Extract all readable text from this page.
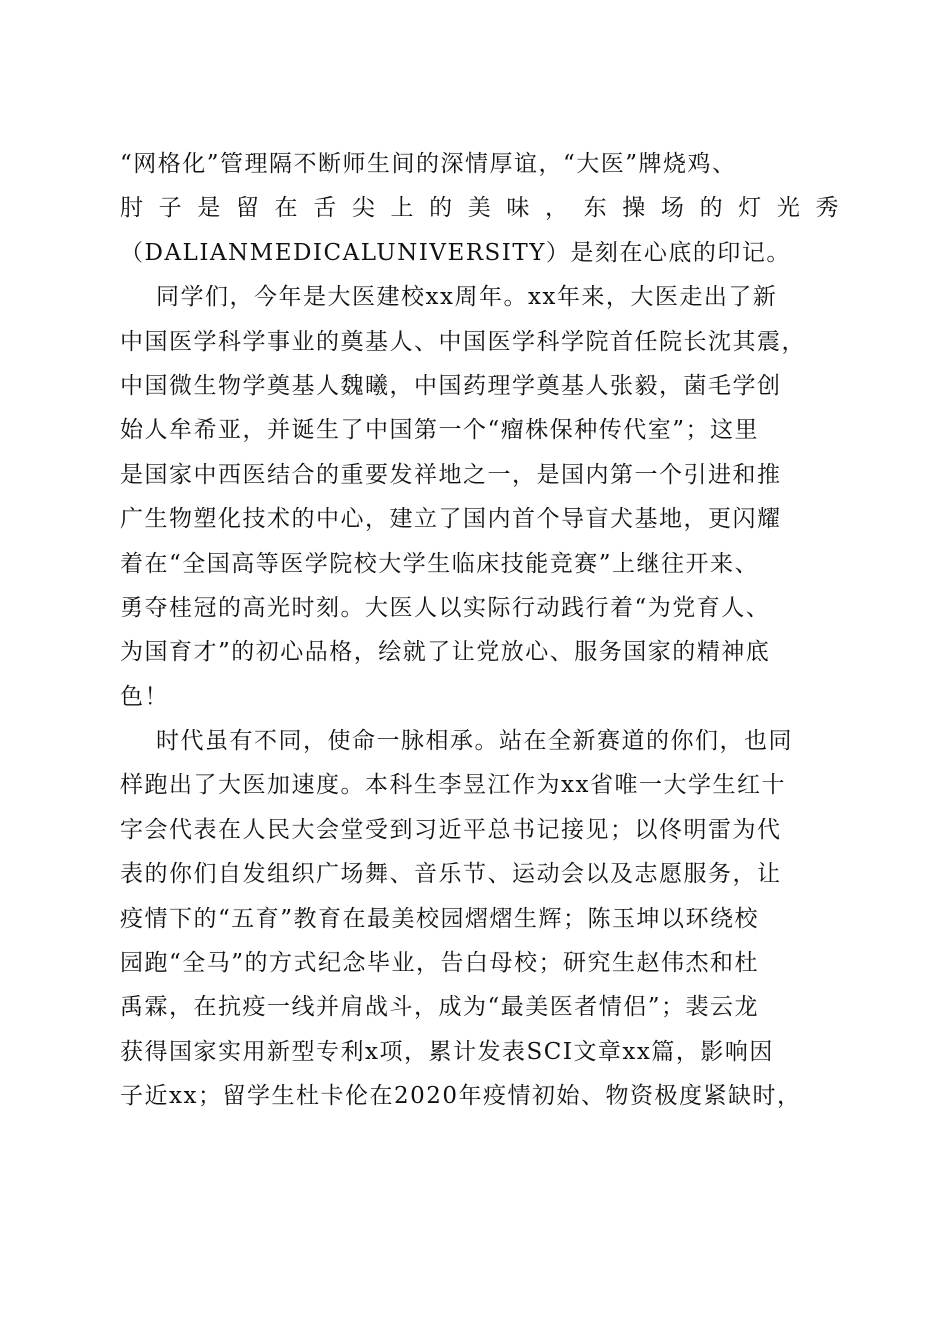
“网格化”管理隔不断师生间的深情厚谊，“大医”牌烧鸡、
肘 子 是 留 在 舌 尖 上 的 美 味 ， 东 操 场 的 灯 光 秀
（DALIANMEDICALUNIVERSITY）是刻在心底的印记。
同学们，今年是大医建校xx周年。xx年来，大医走出了新
中国医学科学事业的奠基人、中国医学科学院首任院长沈其震，
中国微生物学奠基人魏曦，中国药理学奠基人张毅，菌毛学创
始人牟希亚，并诞生了中国第一个“瘤株保种传代室”；这里
是国家中西医结合的重要发祥地之一，是国内第一个引进和推
广生物塑化技术的中心，建立了国内首个导盲犬基地，更闪耀
着在“全国高等医学院校大学生临床技能竞赛”上继往开来、
勇夺桂冠的高光时刻。大医人以实际行动践行着“为党育人、
为国育才”的初心品格，绘就了让党放心、服务国家的精神底
色！
时代虽有不同，使命一脉相承。站在全新赛道的你们，也同
样跑出了大医加速度。本科生李昱江作为xx省唯一大学生红十
字会代表在人民大会堂受到习近平总书记接见；以佟明雷为代
表的你们自发组织广场舞、音乐节、运动会以及志愿服务，让
疫情下的“五育”教育在最美校园熠熠生辉；陈玉坤以环绕校
园跑“全马”的方式纪念毕业，告白母校；研究生赵伟杰和杜
禹霖，在抗疫一线并肩战斗，成为“最美医者情侣”；裴云龙
获得国家实用新型专利x项，累计发表SCI文章xx篇，影响因
子近xx；留学生杜卡伦在2020年疫情初始、物资极度紧缺时，
